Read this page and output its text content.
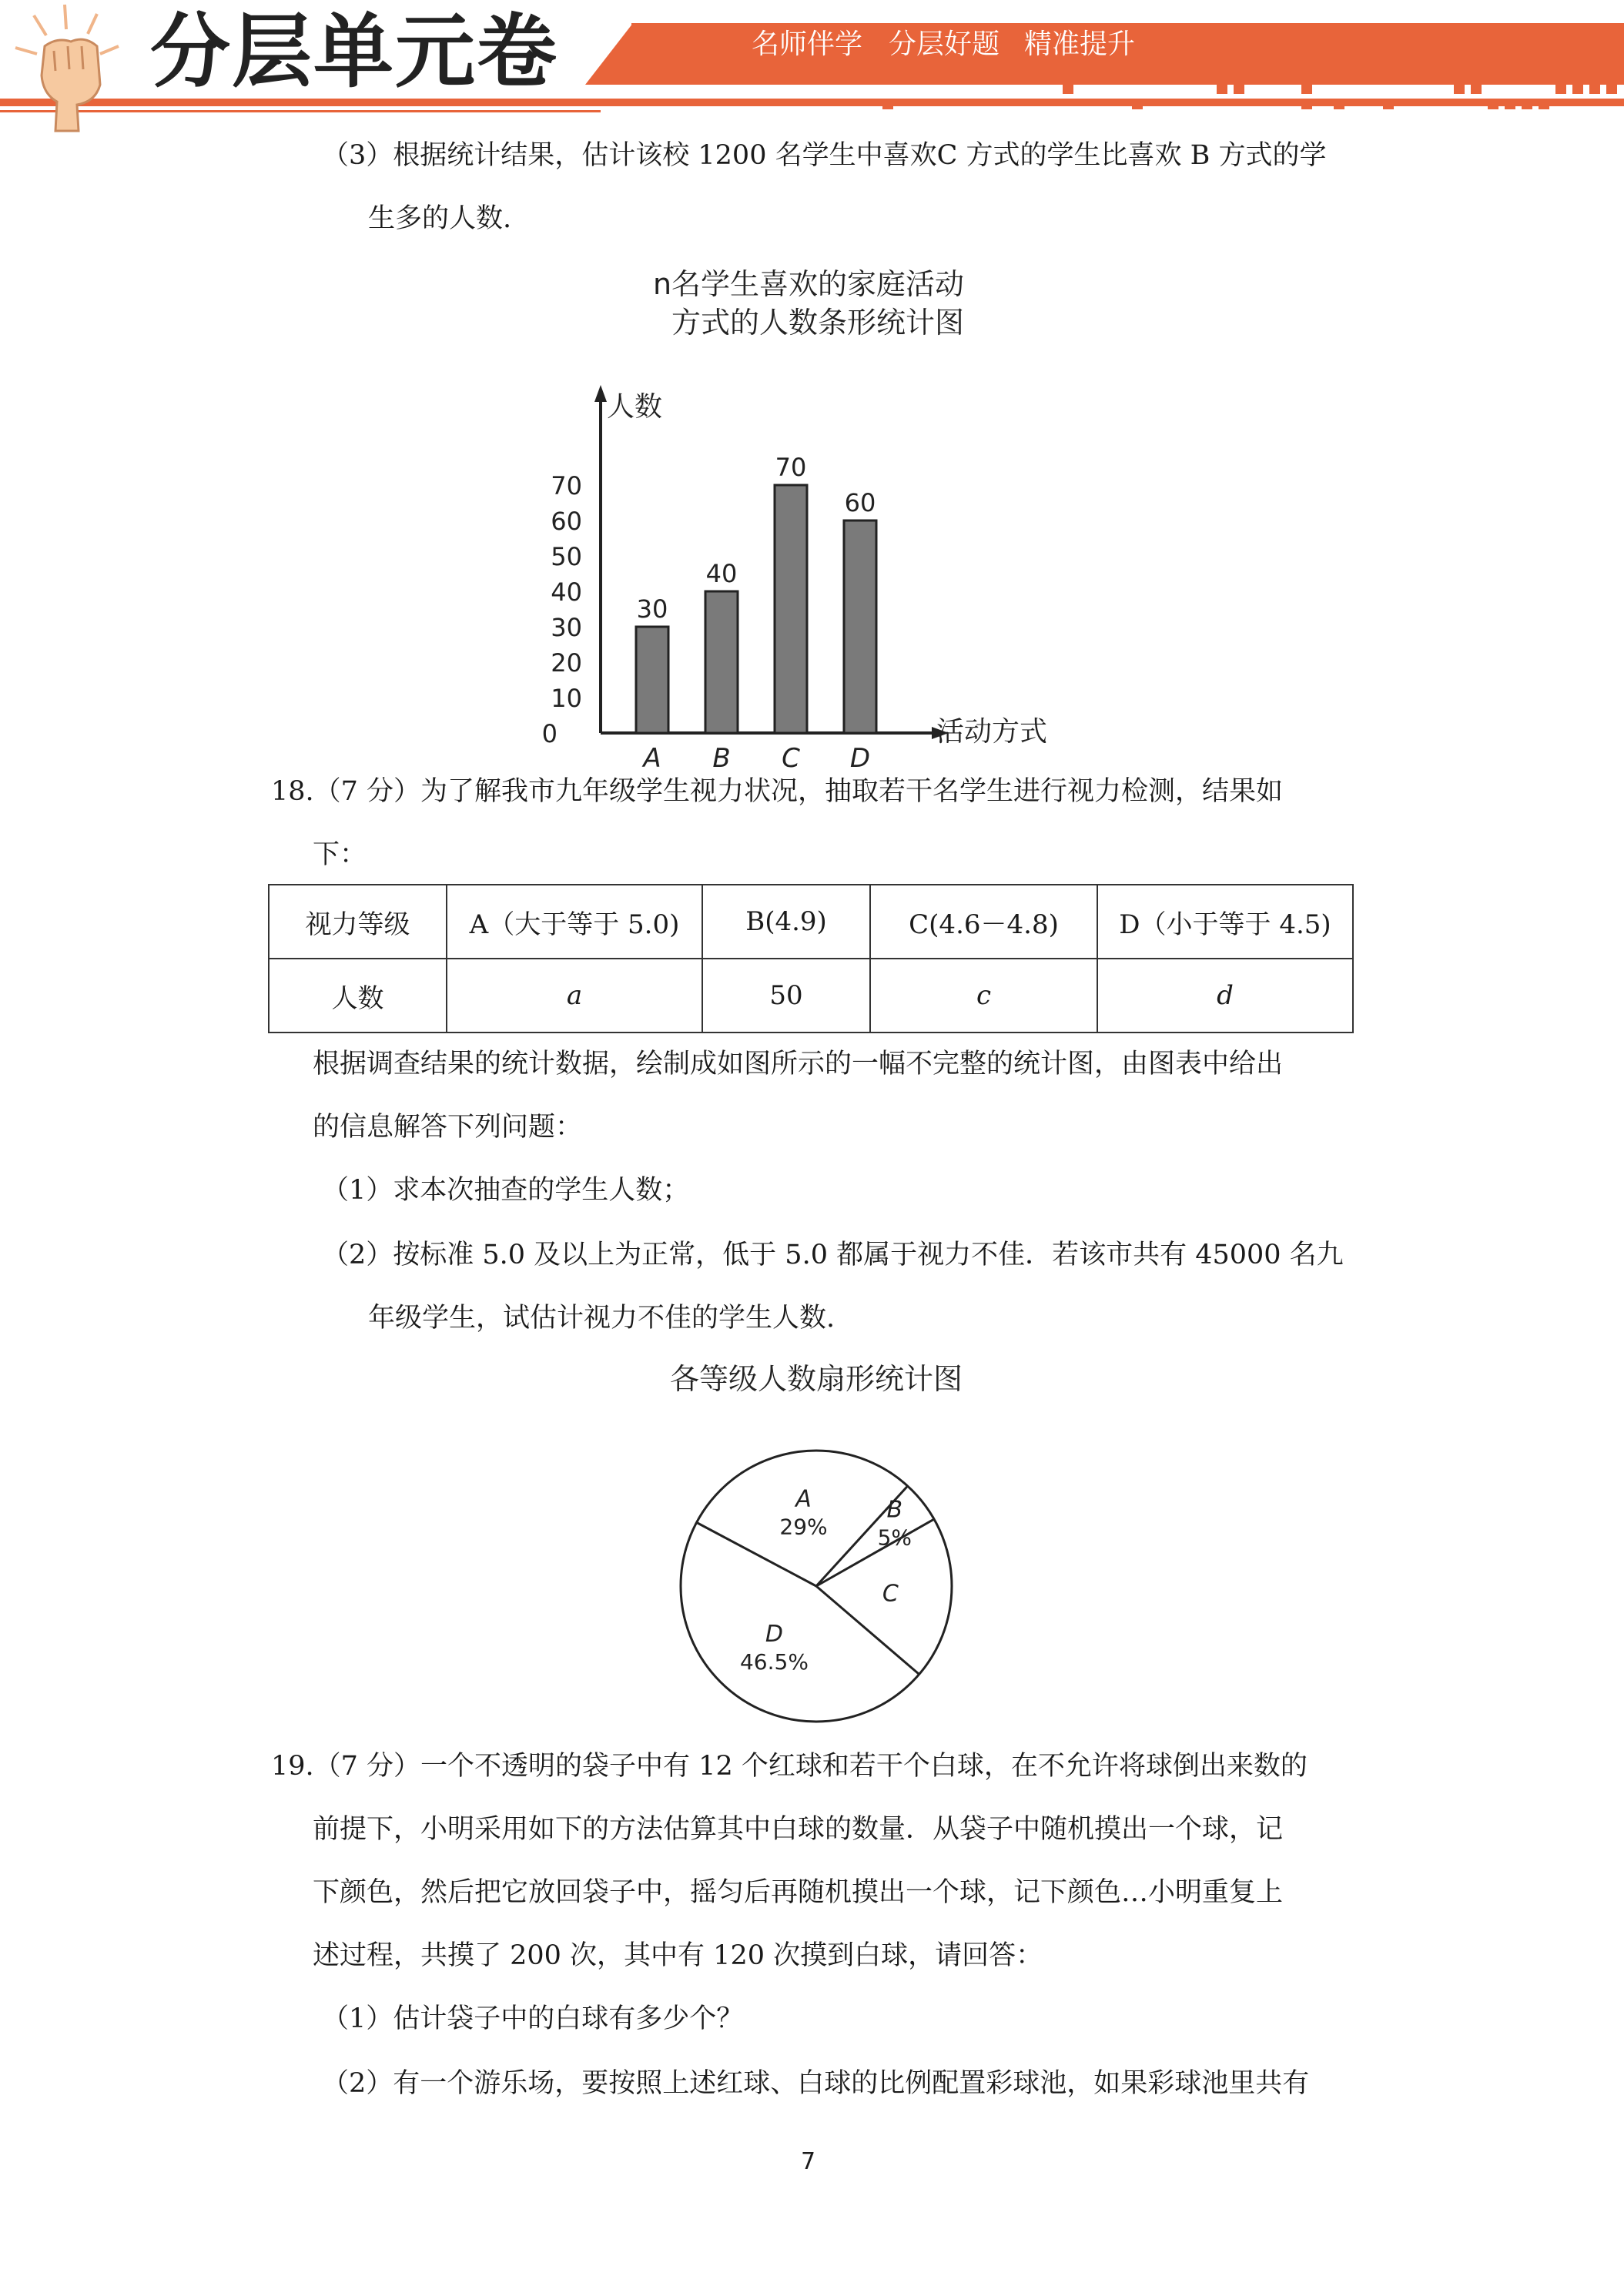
分层单元卷	名师伴学 分层好题 精准提升
（3）根据统计结果，估计该校 1200 名学生中喜欢C 方式的学生比喜欢 B 方式的学
生多的人数.
n名学生喜欢的家庭活动
方式的人数条形统计图
人数
活动方式
0
10
20
30
40
50
60
70
30
A
40
B
70
C
60
D
18.（7 分）为了解我市九年级学生视力状况，抽取若干名学生进行视力检测，结果如
下：
视力等级	A（大于等于 5.0)	B(4.9)	C(4.6－4.8)	D（小于等于 4.5)
人数	a	50	c	d
根据调查结果的统计数据，绘制成如图所示的一幅不完整的统计图，由图表中给出
的信息解答下列问题：
（1）求本次抽查的学生人数；
（2）按标准 5.0 及以上为正常，低于 5.0 都属于视力不佳．若该市共有 45000 名九
年级学生，试估计视力不佳的学生人数.
各等级人数扇形统计图
A
29%
B
5%
C
D
46.5%
19.（7 分）一个不透明的袋子中有 12 个红球和若干个白球，在不允许将球倒出来数的
前提下，小明采用如下的方法估算其中白球的数量．从袋子中随机摸出一个球，记
下颜色，然后把它放回袋子中，摇匀后再随机摸出一个球，记下颜色…小明重复上
述过程，共摸了 200 次，其中有 120 次摸到白球，请回答：
（1）估计袋子中的白球有多少个？
（2）有一个游乐场，要按照上述红球、白球的比例配置彩球池，如果彩球池里共有
7
